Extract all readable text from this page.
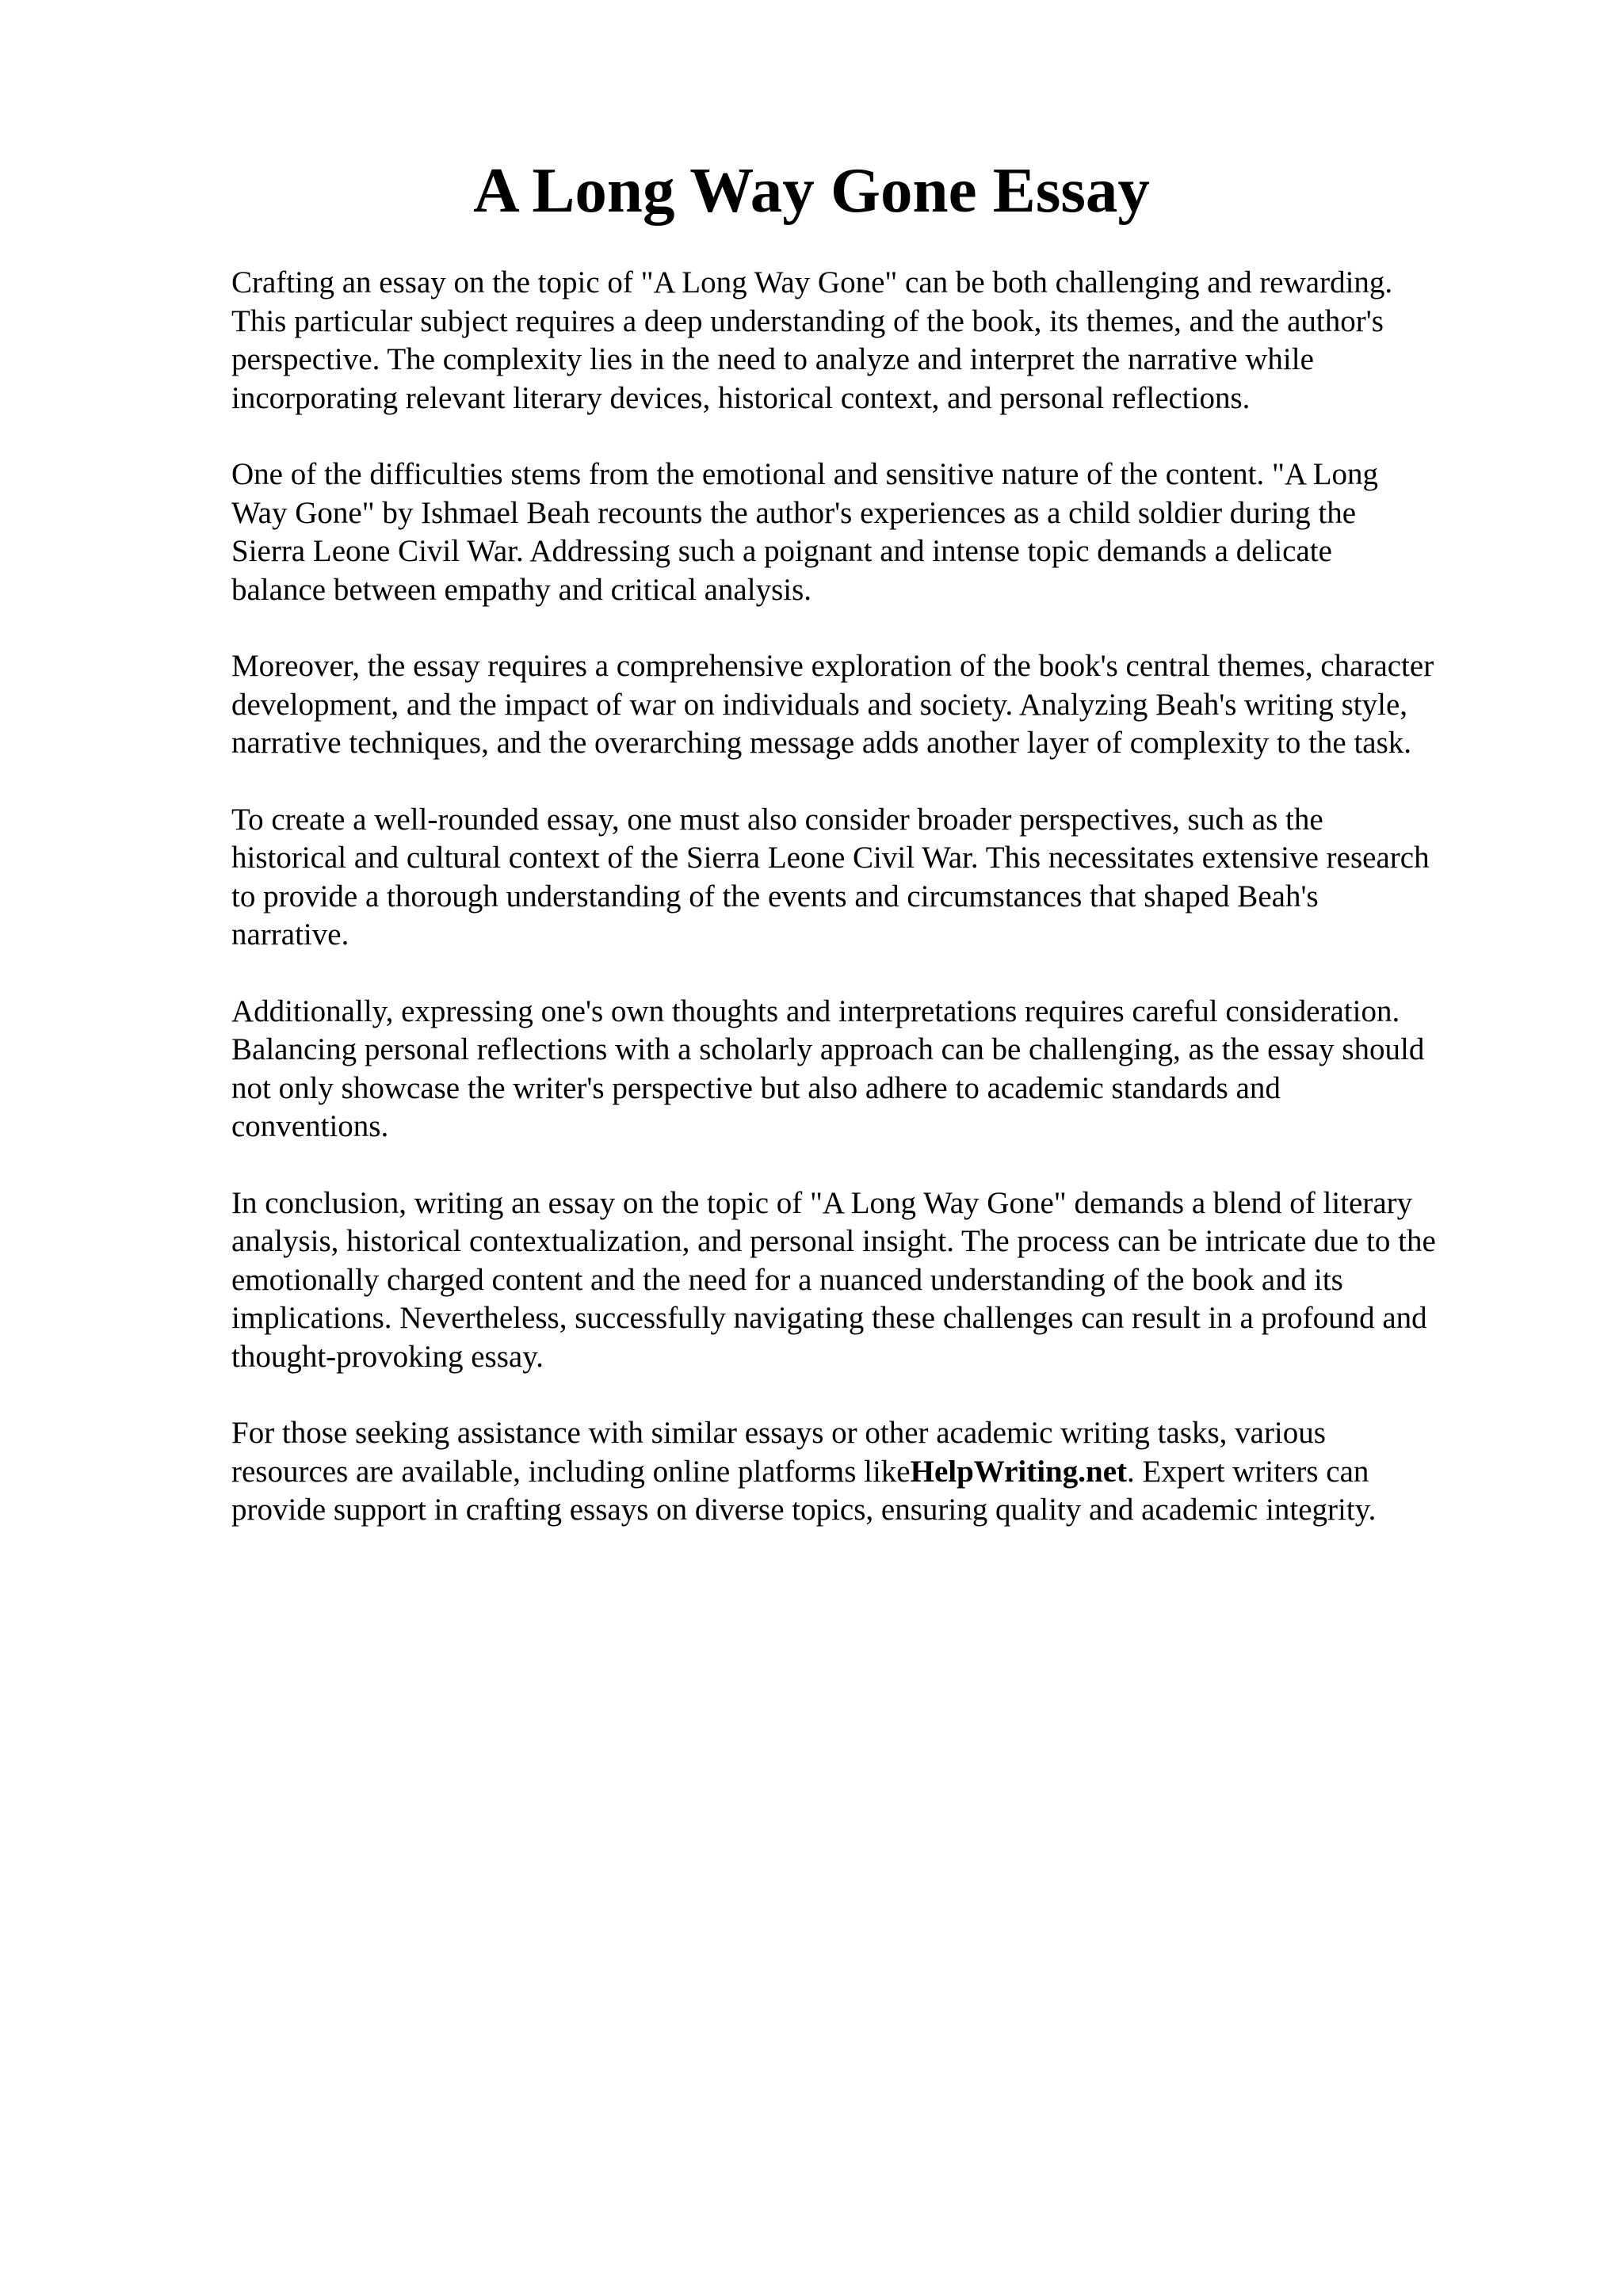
A Long Way Gone Essay

Crafting an essay on the topic of "A Long Way Gone" can be both challenging and rewarding.
This particular subject requires a deep understanding of the book, its themes, and the author's
perspective. The complexity lies in the need to analyze and interpret the narrative while
incorporating relevant literary devices, historical context, and personal reflections.

One of the difficulties stems from the emotional and sensitive nature of the content. "A Long
Way Gone" by Ishmael Beah recounts the author's experiences as a child soldier during the
Sierra Leone Civil War. Addressing such a poignant and intense topic demands a delicate
balance between empathy and critical analysis.

Moreover, the essay requires a comprehensive exploration of the book's central themes, character
development, and the impact of war on individuals and society. Analyzing Beah's writing style,
narrative techniques, and the overarching message adds another layer of complexity to the task.

To create a well-rounded essay, one must also consider broader perspectives, such as the
historical and cultural context of the Sierra Leone Civil War. This necessitates extensive research
to provide a thorough understanding of the events and circumstances that shaped Beah's
narrative.

Additionally, expressing one's own thoughts and interpretations requires careful consideration.
Balancing personal reflections with a scholarly approach can be challenging, as the essay should
not only showcase the writer's perspective but also adhere to academic standards and
conventions.

In conclusion, writing an essay on the topic of "A Long Way Gone" demands a blend of literary
analysis, historical contextualization, and personal insight. The process can be intricate due to the
emotionally charged content and the need for a nuanced understanding of the book and its
implications. Nevertheless, successfully navigating these challenges can result in a profound and
thought-provoking essay.

For those seeking assistance with similar essays or other academic writing tasks, various
resources are available, including online platforms likeHelpWriting.net. Expert writers can
provide support in crafting essays on diverse topics, ensuring quality and academic integrity.
